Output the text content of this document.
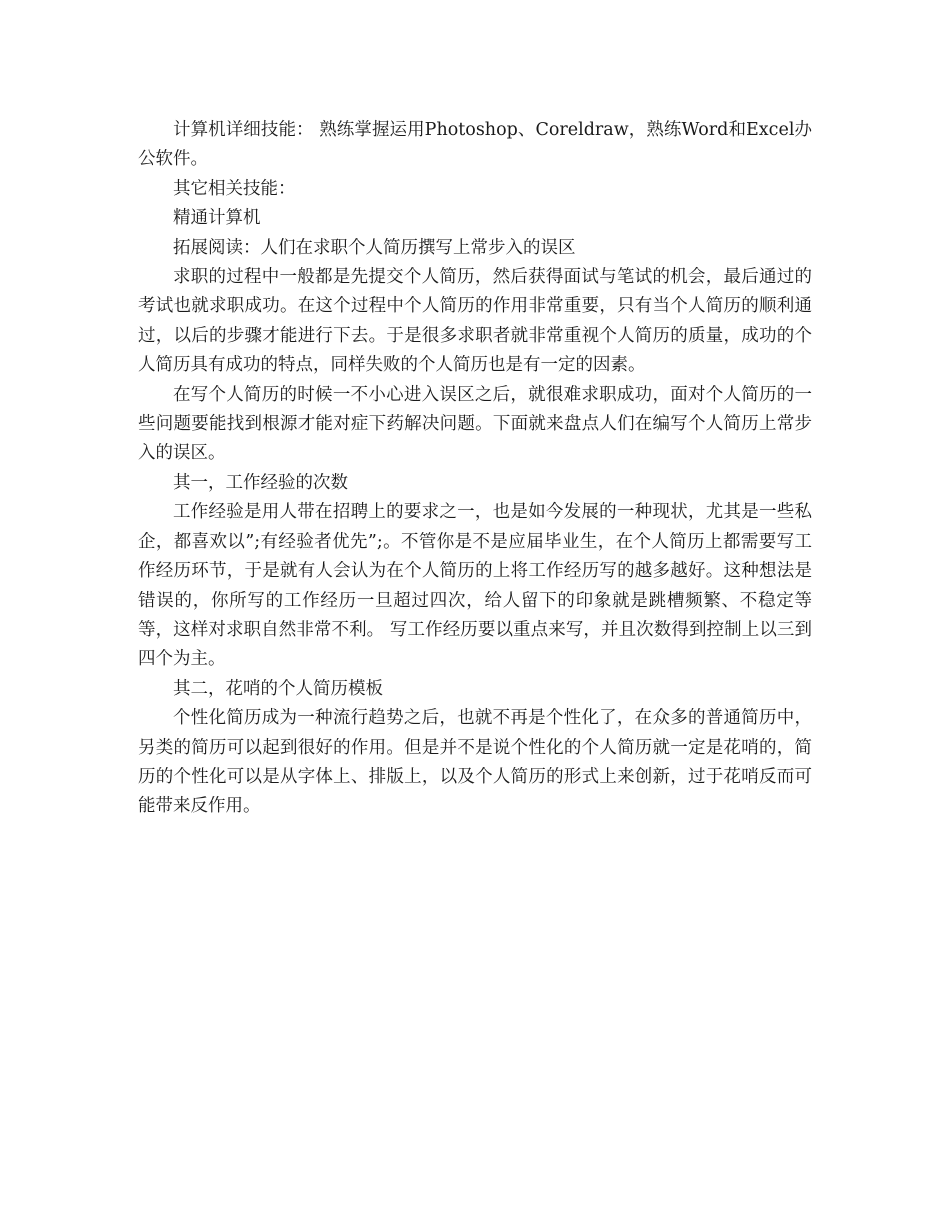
计算机详细技能： 熟练掌握运用Photoshop、Coreldraw，熟练Word和Excel办公软件。

其它相关技能：

精通计算机

拓展阅读：人们在求职个人简历撰写上常步入的误区

求职的过程中一般都是先提交个人简历，然后获得面试与笔试的机会，最后通过的考试也就求职成功。在这个过程中个人简历的作用非常重要，只有当个人简历的顺利通过，以后的步骤才能进行下去。于是很多求职者就非常重视个人简历的质量，成功的个人简历具有成功的特点，同样失败的个人简历也是有一定的因素。

在写个人简历的时候一不小心进入误区之后，就很难求职成功，面对个人简历的一些问题要能找到根源才能对症下药解决问题。下面就来盘点人们在编写个人简历上常步入的误区。

其一，工作经验的次数

工作经验是用人带在招聘上的要求之一，也是如今发展的一种现状，尤其是一些私企，都喜欢以”;有经验者优先”;。不管你是不是应届毕业生，在个人简历上都需要写工作经历环节，于是就有人会认为在个人简历的上将工作经历写的越多越好。这种想法是错误的，你所写的工作经历一旦超过四次，给人留下的印象就是跳槽频繁、不稳定等等，这样对求职自然非常不利。 写工作经历要以重点来写，并且次数得到控制上以三到四个为主。

其二，花哨的个人简历模板

个性化简历成为一种流行趋势之后，也就不再是个性化了，在众多的普通简历中，另类的简历可以起到很好的作用。但是并不是说个性化的个人简历就一定是花哨的，简历的个性化可以是从字体上、排版上，以及个人简历的形式上来创新，过于花哨反而可能带来反作用。
